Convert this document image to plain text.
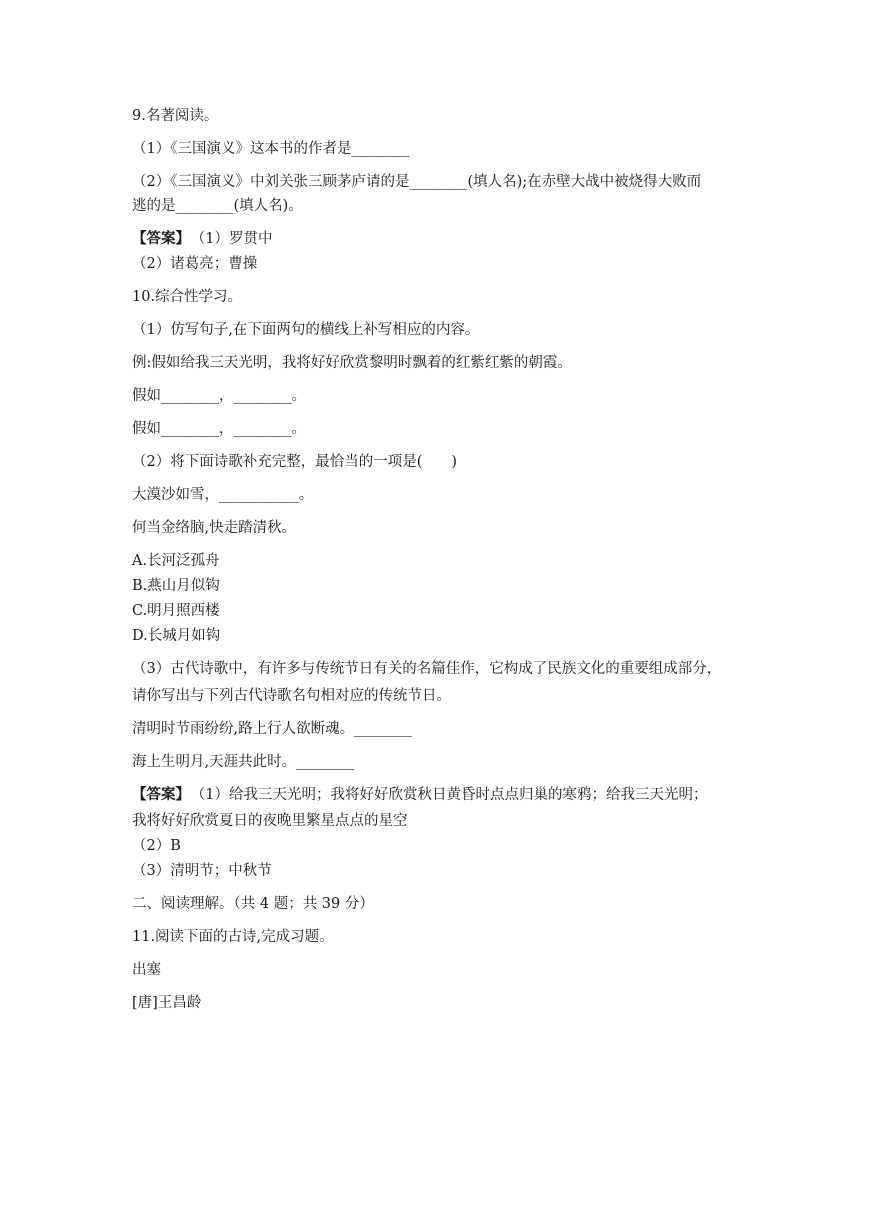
9.名著阅读。

（1）《三国演义》这本书的作者是________

（2）《三国演义》中刘关张三顾茅庐请的是________(填人名);在赤壁大战中被烧得大败而

逃的是________(填人名)。

【答案】 （1）罗贯中

（2）诸葛亮；曹操

10.综合性学习。

（1）仿写句子,在下面两句的横线上补写相应的内容。

例:假如给我三天光明，我将好好欣赏黎明时飘着的红紫红紫的朝霞。

假如________，________。

假如________，________。

（2）将下面诗歌补充完整，最恰当的一项是(　　)

大漠沙如雪，___________。

何当金络脑,快走踏清秋。

A.长河泛孤舟

B.燕山月似钩

C.明月照西楼

D.长城月如钩

（3）古代诗歌中，有许多与传统节日有关的名篇佳作，它构成了民族文化的重要组成部分，

请你写出与下列古代诗歌名句相对应的传统节日。

清明时节雨纷纷,路上行人欲断魂。________

海上生明月,天涯共此时。________

【答案】 （1）给我三天光明；我将好好欣赏秋日黄昏时点点归巢的寒鸦；给我三天光明；

我将好好欣赏夏日的夜晚里繁星点点的星空

（2）B

（3）清明节；中秋节

二、阅读理解。（共 4 题；共 39 分）

11.阅读下面的古诗,完成习题。

出塞

[唐]王昌龄
